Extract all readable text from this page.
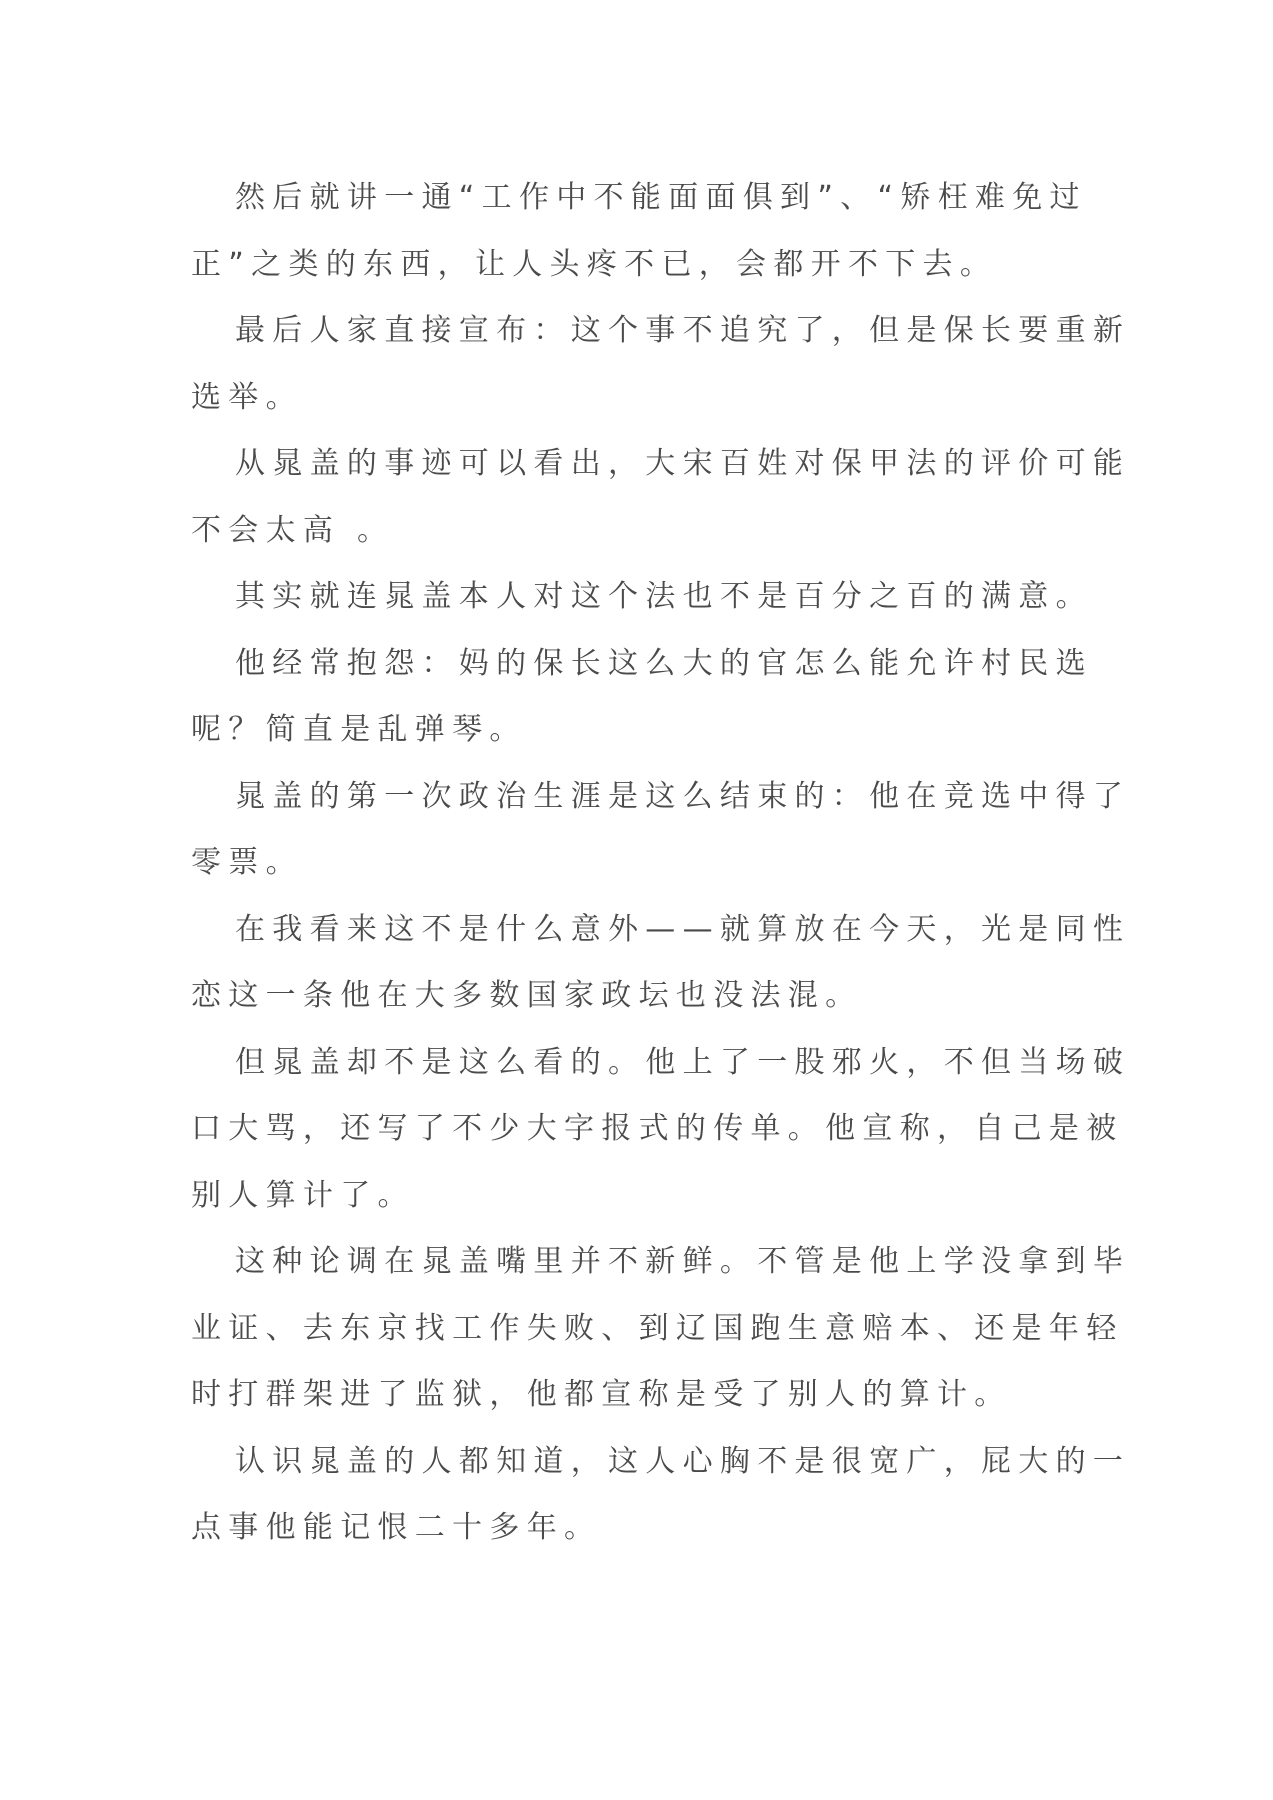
然后就讲一通“工作中不能面面俱到”、“矫枉难免过
正”之类的东西，让人头疼不已，会都开不下去。
最后人家直接宣布：这个事不追究了，但是保长要重新
选举。
从晁盖的事迹可以看出，大宋百姓对保甲法的评价可能
不会太高 。
其实就连晁盖本人对这个法也不是百分之百的满意。
他经常抱怨：妈的保长这么大的官怎么能允许村民选
呢？简直是乱弹琴。
晁盖的第一次政治生涯是这么结束的：他在竞选中得了
零票。
在我看来这不是什么意外——就算放在今天，光是同性
恋这一条他在大多数国家政坛也没法混。
但晁盖却不是这么看的。他上了一股邪火，不但当场破
口大骂，还写了不少大字报式的传单。他宣称，自己是被
别人算计了。
这种论调在晁盖嘴里并不新鲜。不管是他上学没拿到毕
业证、去东京找工作失败、到辽国跑生意赔本、还是年轻
时打群架进了监狱，他都宣称是受了别人的算计。
认识晁盖的人都知道，这人心胸不是很宽广，屁大的一
点事他能记恨二十多年。
